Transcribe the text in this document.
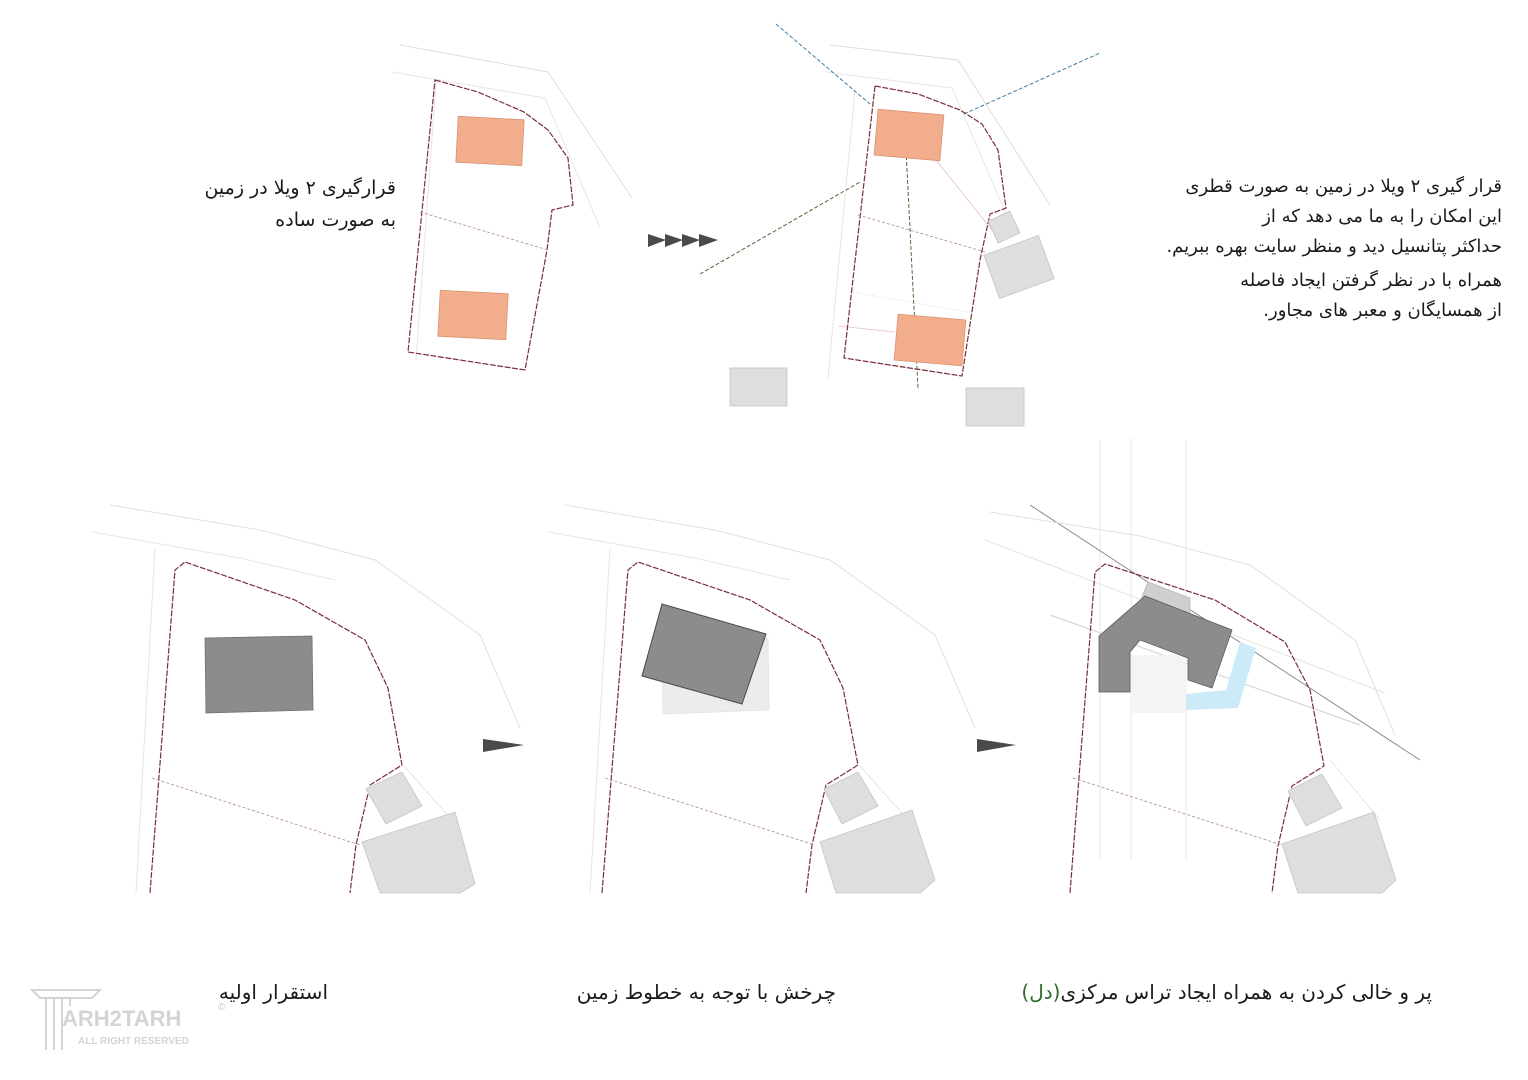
قرارگیری ۲ ویلا در زمین
به صورت ساده
قرار گیری ۲ ویلا در زمین به صورت قطری
این امکان را به ما می دهد که از
حداکثر پتانسیل دید و منظر سایت بهره ببریم.
همراه با در نظر گرفتن ایجاد فاصله
از همسایگان و معبر های مجاور.
استقرار اولیه	چرخش با توجه به خطوط زمین	پر و خالی کردن به همراه ایجاد تراس مرکزی(دل)
ARH2TARH
ALL RIGHT RESERVED
©
